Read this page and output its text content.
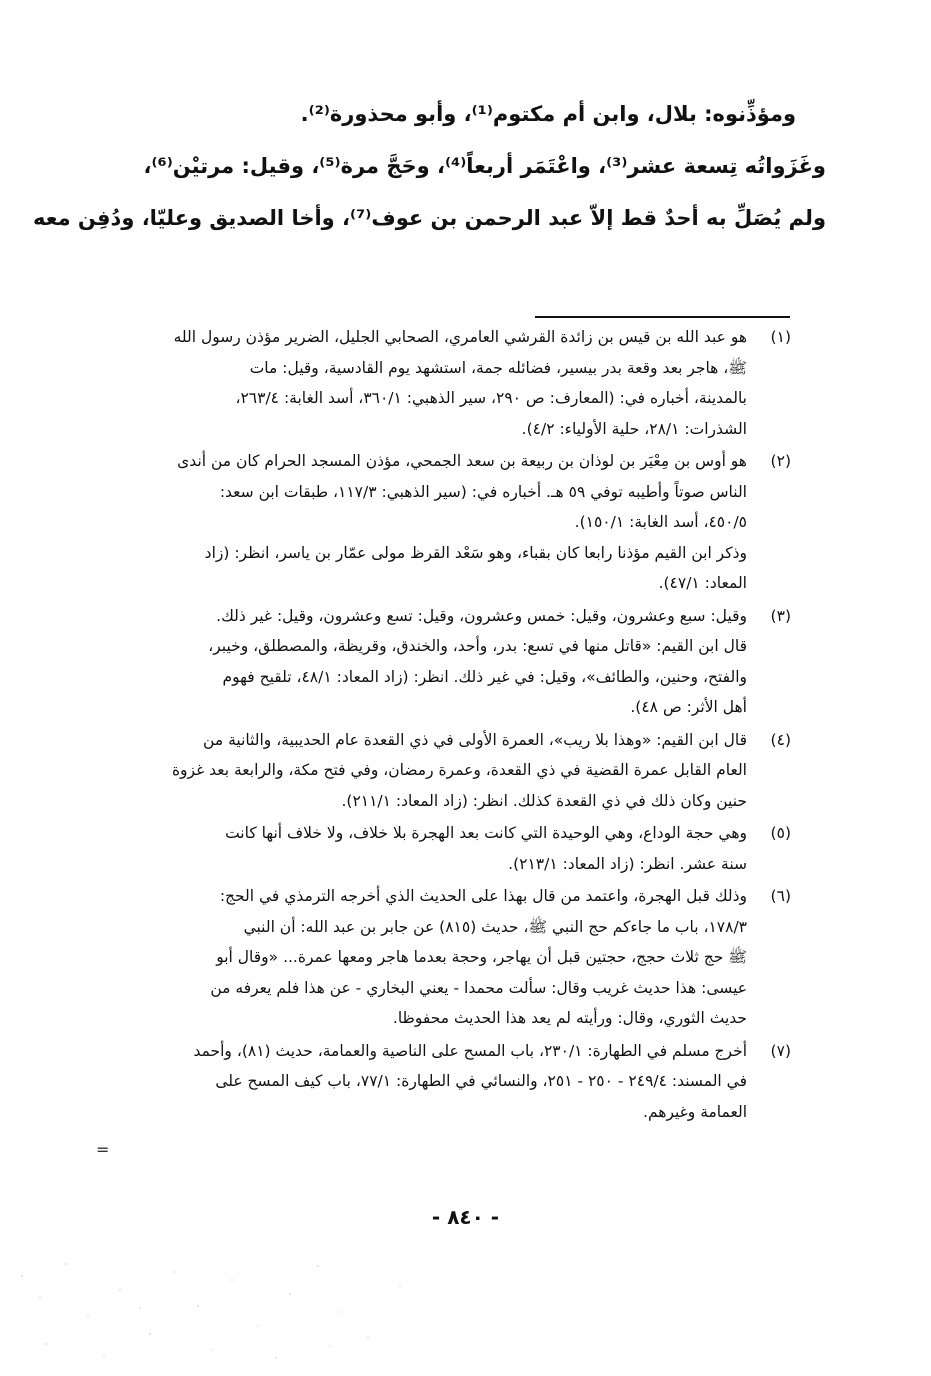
ومؤذِّنوه: بلال، وابن أم مكتوم⁽¹⁾، وأبو محذورة⁽²⁾.
وغَزَواتُه تِسعة عشر⁽³⁾، واعْتَمَر أربعاً⁽⁴⁾، وحَجَّ مرة⁽⁵⁾، وقيل: مرتيْن⁽⁶⁾،
ولم يُصَلِّ به أحدٌ قط إلاّ عبد الرحمن بن عوف⁽⁷⁾، وأخا الصديق وعليّا، ودُفِن معه
(١)
هو عبد الله بن قيس بن زائدة القرشي العامري، الصحابي الجليل، الضرير مؤذن رسول الله
ﷺ، هاجر بعد وقعة بدر بيسير، فضائله جمة، استشهد يوم القادسية، وقيل: مات
بالمدينة، أخباره في: (المعارف: ص ٢٩٠، سير الذهبي: ٣٦٠/١، أسد الغابة: ٢٦٣/٤،
الشذرات: ٢٨/١، حلية الأولياء: ٤/٢).
(٢)
هو أوس بن مِعْيَر بن لوذان بن ربيعة بن سعد الجمحي، مؤذن المسجد الحرام كان من أندى
الناس صوتاً وأطيبه توفي ٥٩ هـ. أخباره في: (سير الذهبي: ١١٧/٣، طبقات ابن سعد:
٤٥٠/٥، أسد الغابة: ١٥٠/١).
وذكر ابن القيم مؤذنا رابعا كان بقباء، وهو سَعْد القرظ مولى عمّار بن ياسر، انظر: (زاد
المعاد: ٤٧/١).
(٣)
وقيل: سبع وعشرون، وقيل: خمس وعشرون، وقيل: تسع وعشرون، وقيل: غير ذلك.
قال ابن القيم: «قاتل منها في تسع: بدر، وأحد، والخندق، وقريظة، والمصطلق، وخيبر،
والفتح، وحنين، والطائف»، وقيل: في غير ذلك. انظر: (زاد المعاد: ٤٨/١، تلقيح فهوم
أهل الأثر: ص ٤٨).
(٤)
قال ابن القيم: «وهذا بلا ريب»، العمرة الأولى في ذي القعدة عام الحديبية، والثانية من
العام القابل عمرة القضية في ذي القعدة، وعمرة رمضان، وفي فتح مكة، والرابعة بعد غزوة
حنين وكان ذلك في ذي القعدة كذلك. انظر: (زاد المعاد: ٢١١/١).
(٥)
وهي حجة الوداع، وهي الوحيدة التي كانت بعد الهجرة بلا خلاف، ولا خلاف أنها كانت
سنة عشر. انظر: (زاد المعاد: ٢١٣/١).
(٦)
وذلك قبل الهجرة، واعتمد من قال بهذا على الحديث الذي أخرجه الترمذي في الحج:
١٧٨/٣، باب ما جاءكم حج النبي ﷺ، حديث (٨١٥) عن جابر بن عبد الله: أن النبي
ﷺ حج ثلاث حجج، حجتين قبل أن يهاجر، وحجة بعدما هاجر ومعها عمرة... «وقال أبو
عيسى: هذا حديث غريب وقال: سألت محمدا - يعني البخاري - عن هذا فلم يعرفه من
حديث الثوري، وقال: ورأيته لم يعد هذا الحديث محفوظا.
(٧)
أخرج مسلم في الطهارة: ٢٣٠/١، باب المسح على الناصية والعمامة، حديث (٨١)، وأحمد
في المسند: ٢٤٩/٤ - ٢٥٠ - ٢٥١، والنسائي في الطهارة: ٧٧/١، باب كيف المسح على
العمامة وغيرهم.
=
- ٨٤٠ -
